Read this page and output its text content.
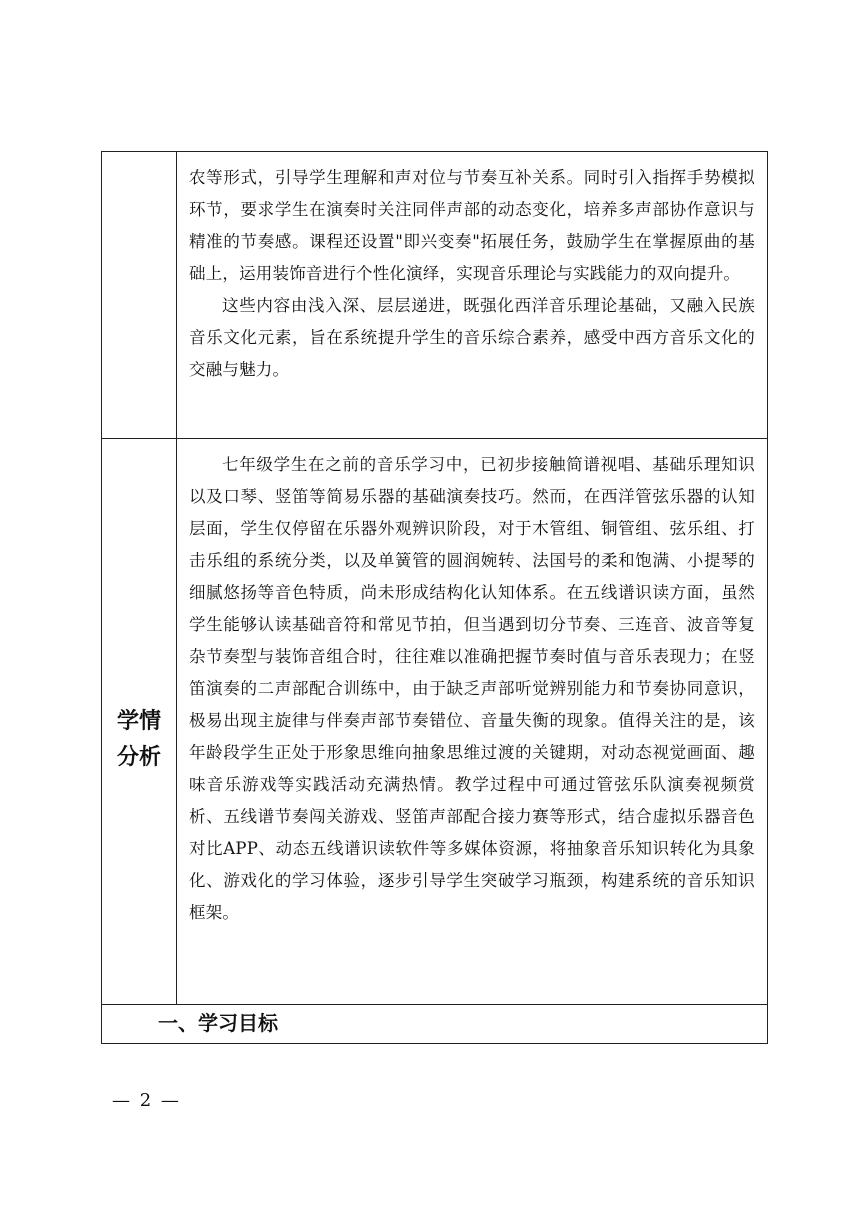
	农等形式，引导学生理解和声对位与节奏互补关系。同时引入指挥手势模拟环节，要求学生在演奏时关注同伴声部的动态变化，培养多声部协作意识与精准的节奏感。课程还设置"即兴变奏"拓展任务，鼓励学生在掌握原曲的基础上，运用装饰音进行个性化演绎，实现音乐理论与实践能力的双向提升。

这些内容由浅入深、层层递进，既强化西洋音乐理论基础，又融入民族音乐文化元素，旨在系统提升学生的音乐综合素养，感受中西方音乐文化的交融与魅力。

学情分析	七年级学生在之前的音乐学习中，已初步接触简谱视唱、基础乐理知识以及口琴、竖笛等简易乐器的基础演奏技巧。然而，在西洋管弦乐器的认知层面，学生仅停留在乐器外观辨识阶段，对于木管组、铜管组、弦乐组、打击乐组的系统分类，以及单簧管的圆润婉转、法国号的柔和饱满、小提琴的细腻悠扬等音色特质，尚未形成结构化认知体系。在五线谱识读方面，虽然学生能够认读基础音符和常见节拍，但当遇到切分节奏、三连音、波音等复杂节奏型与装饰音组合时，往往难以准确把握节奏时值与音乐表现力；在竖笛演奏的二声部配合训练中，由于缺乏声部听觉辨别能力和节奏协同意识，极易出现主旋律与伴奏声部节奏错位、音量失衡的现象。值得关注的是，该年龄段学生正处于形象思维向抽象思维过渡的关键期，对动态视觉画面、趣味音乐游戏等实践活动充满热情。教学过程中可通过管弦乐队演奏视频赏析、五线谱节奏闯关游戏、竖笛声部配合接力赛等形式，结合虚拟乐器音色对比APP、动态五线谱识读软件等多媒体资源，将抽象音乐知识转化为具象化、游戏化的学习体验，逐步引导学生突破学习瓶颈，构建系统的音乐知识框架。

一、学习目标	
— 2 —
